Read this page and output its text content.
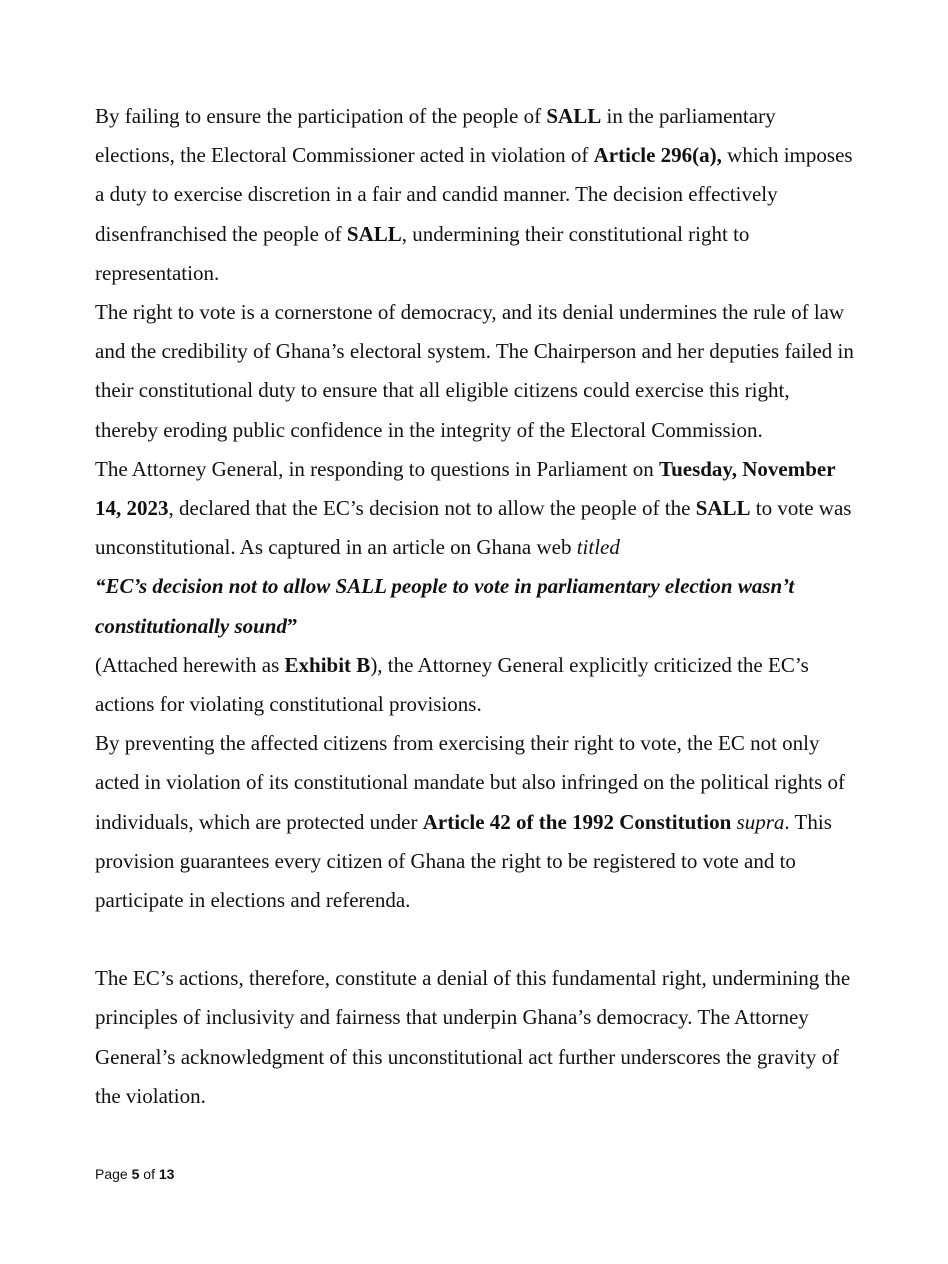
By failing to ensure the participation of the people of SALL in the parliamentary elections, the Electoral Commissioner acted in violation of Article 296(a), which imposes a duty to exercise discretion in a fair and candid manner. The decision effectively disenfranchised the people of SALL, undermining their constitutional right to representation.

The right to vote is a cornerstone of democracy, and its denial undermines the rule of law and the credibility of Ghana’s electoral system. The Chairperson and her deputies failed in their constitutional duty to ensure that all eligible citizens could exercise this right, thereby eroding public confidence in the integrity of the Electoral Commission.

The Attorney General, in responding to questions in Parliament on Tuesday, November 14, 2023, declared that the EC’s decision not to allow the people of the SALL to vote was unconstitutional. As captured in an article on Ghana web titled
“EC’s decision not to allow SALL people to vote in parliamentary election wasn’t constitutionally sound”

(Attached herewith as Exhibit B), the Attorney General explicitly criticized the EC’s actions for violating constitutional provisions.

By preventing the affected citizens from exercising their right to vote, the EC not only acted in violation of its constitutional mandate but also infringed on the political rights of individuals, which are protected under Article 42 of the 1992 Constitution supra. This provision guarantees every citizen of Ghana the right to be registered to vote and to participate in elections and referenda.

The EC’s actions, therefore, constitute a denial of this fundamental right, undermining the principles of inclusivity and fairness that underpin Ghana’s democracy. The Attorney General’s acknowledgment of this unconstitutional act further underscores the gravity of the violation.

Page 5 of 13
